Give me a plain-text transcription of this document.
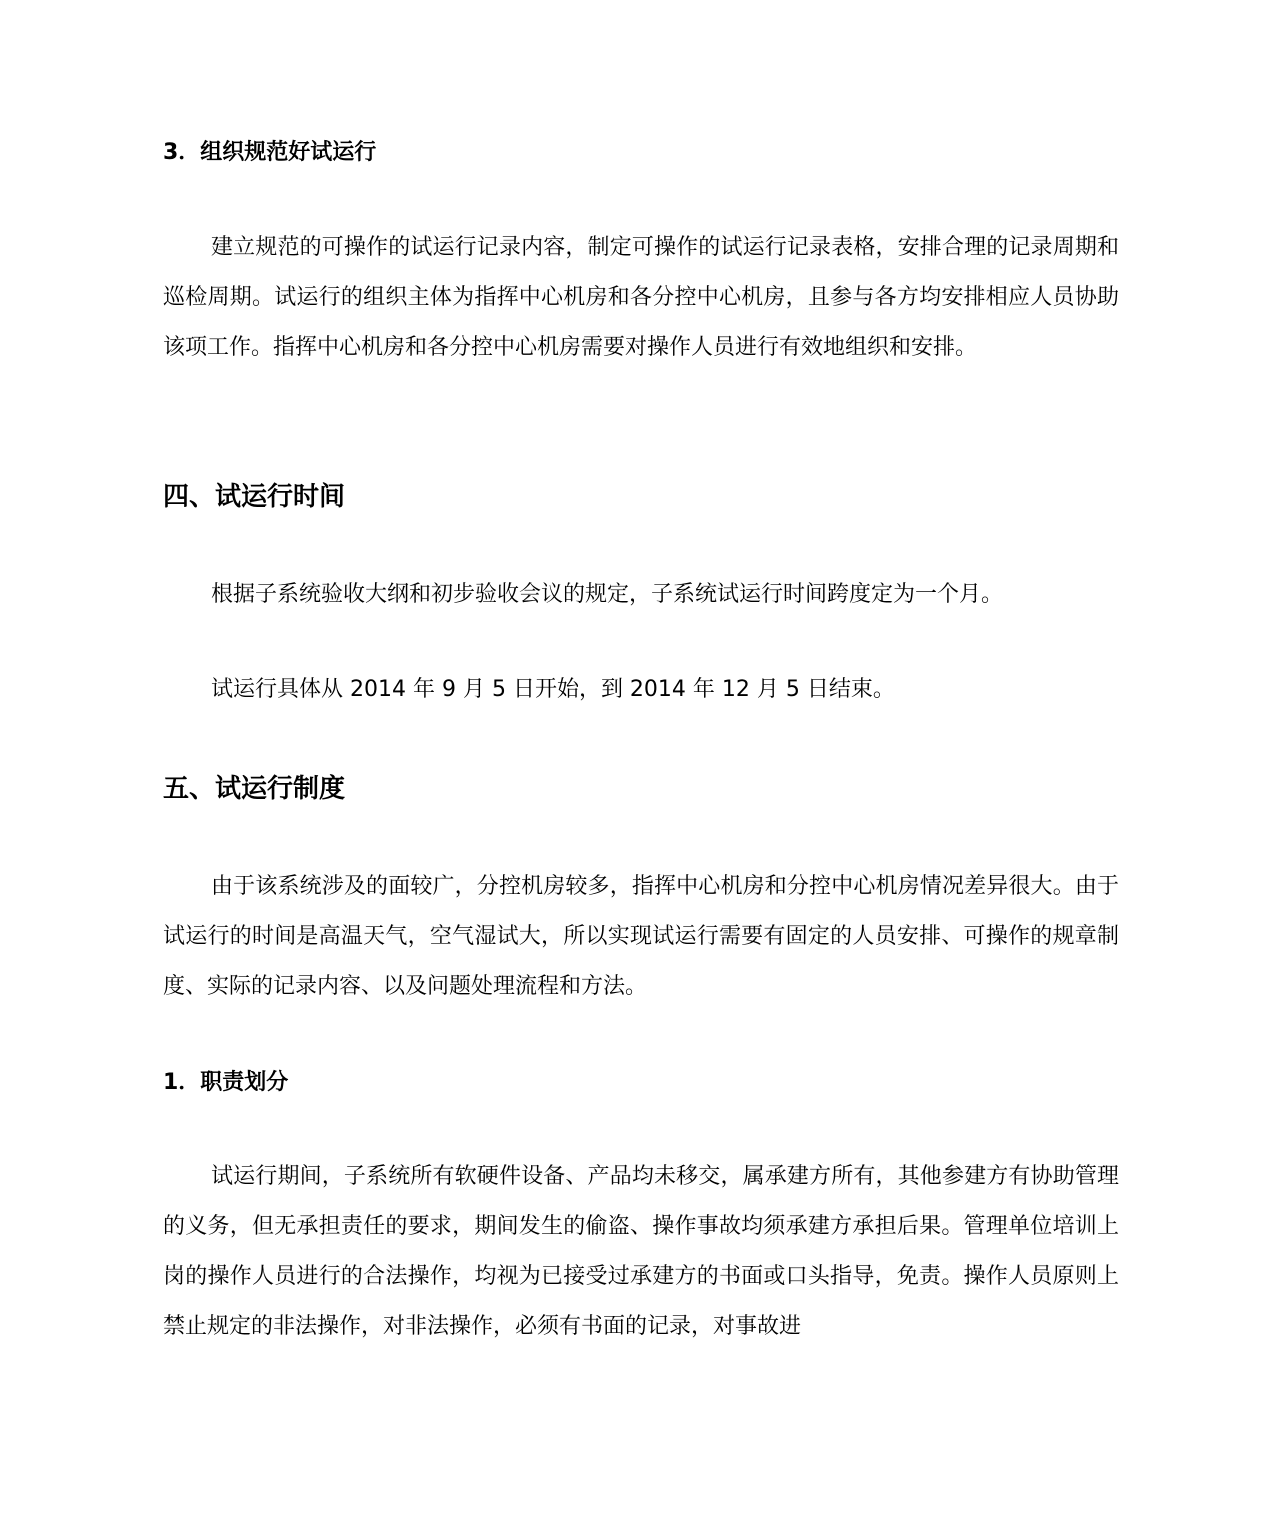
3．组织规范好试运行

建立规范的可操作的试运行记录内容，制定可操作的试运行记录表格，安排合理的记录周期和巡检周期。试运行的组织主体为指挥中心机房和各分控中心机房，且参与各方均安排相应人员协助该项工作。指挥中心机房和各分控中心机房需要对操作人员进行有效地组织和安排。

四、试运行时间

根据子系统验收大纲和初步验收会议的规定，子系统试运行时间跨度定为一个月。

试运行具体从 2014 年 9 月 5 日开始，到 2014 年 12 月 5 日结束。

五、试运行制度

由于该系统涉及的面较广，分控机房较多，指挥中心机房和分控中心机房情况差异很大。由于试运行的时间是高温天气，空气湿试大，所以实现试运行需要有固定的人员安排、可操作的规章制度、实际的记录内容、以及问题处理流程和方法。

1．职责划分

试运行期间，子系统所有软硬件设备、产品均未移交，属承建方所有，其他参建方有协助管理的义务，但无承担责任的要求，期间发生的偷盗、操作事故均须承建方承担后果。管理单位培训上岗的操作人员进行的合法操作，均视为已接受过承建方的书面或口头指导，免责。操作人员原则上禁止规定的非法操作，对非法操作，必须有书面的记录，对事故进
